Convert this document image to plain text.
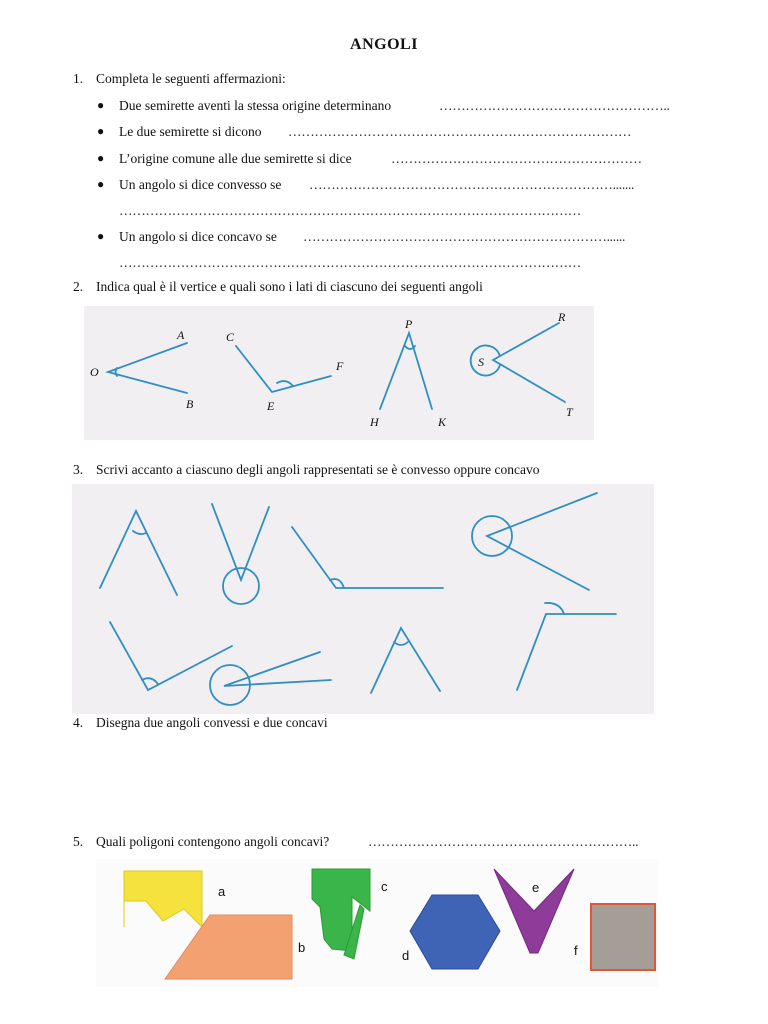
ANGOLI
1. Completa le seguenti affermazioni:
● Due semirette aventi la stessa origine determinano	……………………………………………..
● Le due semirette si dicono ……………………………………………………………………
● L’origine comune alle due semirette si dice	…………………………………………………
● Un angolo si dice convesso se …………………………………………………………….......
……………………………………………………………………………………………
● Un angolo si dice concavo se ……………………………………………………………......
……………………………………………………………………………………………
2. Indica qual è il vertice e quali sono i lati di ciascuno dei seguenti angoli
A
O
B
C
E
F
P
H	K
R
S
T
3. Scrivi accanto a ciascuno degli angoli rappresentati se è convesso oppure concavo
4. Disegna due angoli convessi e due concavi
5. Quali poligoni contengono angoli concavi?	……………………………………………………..
a
b
c
d
e
f
